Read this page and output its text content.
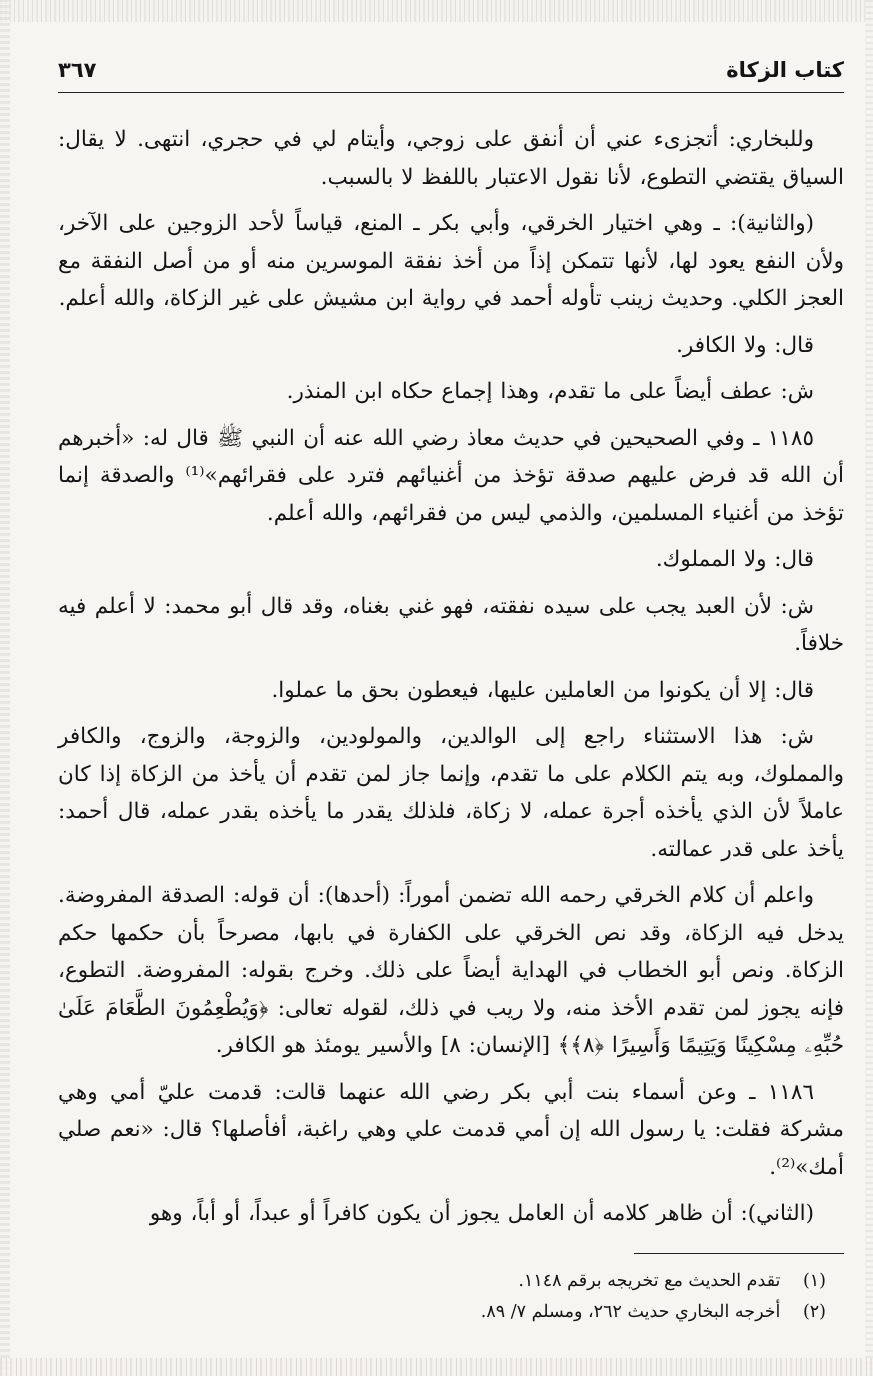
كتاب الزكاة
٣٦٧

وللبخاري: أتجزىء عني أن أنفق على زوجي، وأيتام لي في حجري، انتهى. لا يقال: السياق يقتضي التطوع، لأنا نقول الاعتبار باللفظ لا بالسبب.

(والثانية): ـ وهي اختيار الخرقي، وأبي بكر ـ المنع، قياساً لأحد الزوجين على الآخر، ولأن النفع يعود لها، لأنها تتمكن إذاً من أخذ نفقة الموسرين منه أو من أصل النفقة مع العجز الكلي. وحديث زينب تأوله أحمد في رواية ابن مشيش على غير الزكاة، والله أعلم.

قال: ولا الكافر.

ش: عطف أيضاً على ما تقدم، وهذا إجماع حكاه ابن المنذر.

١١٨٥ ـ وفي الصحيحين في حديث معاذ رضي الله عنه أن النبي ﷺ قال له: «أخبرهم أن الله قد فرض عليهم صدقة تؤخذ من أغنيائهم فترد على فقرائهم»⁽¹⁾ والصدقة إنما تؤخذ من أغنياء المسلمين، والذمي ليس من فقرائهم، والله أعلم.

قال: ولا المملوك.

ش: لأن العبد يجب على سيده نفقته، فهو غني بغناه، وقد قال أبو محمد: لا أعلم فيه خلافاً.

قال: إلا أن يكونوا من العاملين عليها، فيعطون بحق ما عملوا.

ش: هذا الاستثناء راجع إلى الوالدين، والمولودين، والزوجة، والزوج، والكافر والمملوك، وبه يتم الكلام على ما تقدم، وإنما جاز لمن تقدم أن يأخذ من الزكاة إذا كان عاملاً لأن الذي يأخذه أجرة عمله، لا زكاة، فلذلك يقدر ما يأخذه بقدر عمله، قال أحمد: يأخذ على قدر عمالته.

واعلم أن كلام الخرقي رحمه الله تضمن أموراً: (أحدها): أن قوله: الصدقة المفروضة. يدخل فيه الزكاة، وقد نص الخرقي على الكفارة في بابها، مصرحاً بأن حكمها حكم الزكاة. ونص أبو الخطاب في الهداية أيضاً على ذلك. وخرج بقوله: المفروضة. التطوع، فإنه يجوز لمن تقدم الأخذ منه، ولا ريب في ذلك، لقوله تعالى: ﴿وَيُطْعِمُونَ الطَّعَامَ عَلَىٰ حُبِّهِۦ مِسْكِينًا وَيَتِيمًا وَأَسِيرًا ﴿٨﴾﴾ [الإنسان: ٨] والأسير يومئذ هو الكافر.

١١٨٦ ـ وعن أسماء بنت أبي بكر رضي الله عنهما قالت: قدمت عليّ أمي وهي مشركة فقلت: يا رسول الله إن أمي قدمت علي وهي راغبة، أفأصلها؟ قال: «نعم صلي أمك»⁽²⁾.

(الثاني): أن ظاهر كلامه أن العامل يجوز أن يكون كافراً أو عبداً، أو أباً، وهو

(١) تقدم الحديث مع تخريجه برقم ١١٤٨.

(٢) أخرجه البخاري حديث ٢٦٢، ومسلم ٧/ ٨٩.
